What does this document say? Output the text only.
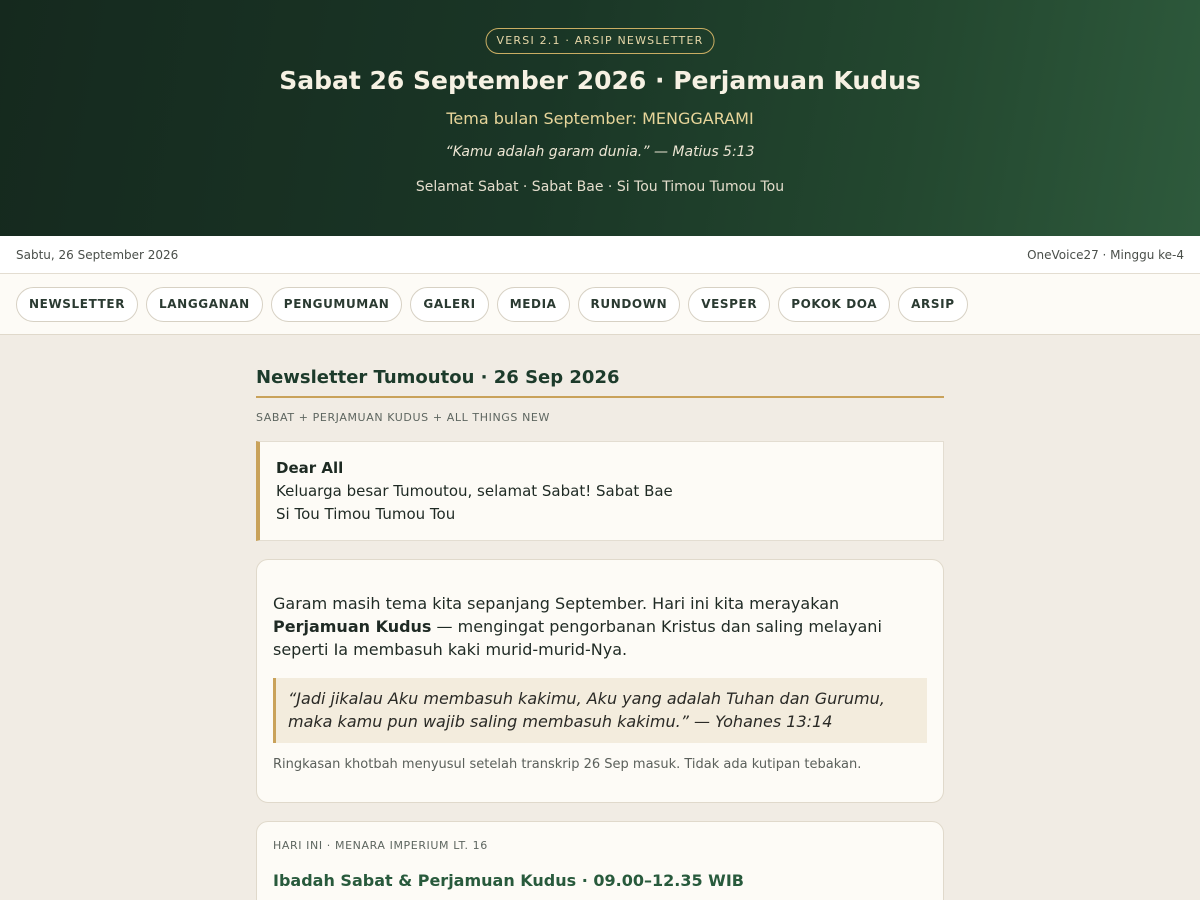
VERSI 2.1 · ARSIP NEWSLETTER
Sabat 26 September 2026 · Perjamuan Kudus
Tema bulan September: MENGGARAMI
“Kamu adalah garam dunia.” — Matius 5:13
Selamat Sabat · Sabat Bae · Si Tou Timou Tumou Tou
Sabtu, 26 September 2026	OneVoice27 · Minggu ke-4
NEWSLETTER	LANGGANAN	PENGUMUMAN	GALERI	MEDIA	RUNDOWN	VESPER	POKOK DOA	ARSIP
Newsletter Tumoutou · 26 Sep 2026
SABAT + PERJAMUAN KUDUS + ALL THINGS NEW
Dear All
Keluarga besar Tumoutou, selamat Sabat! Sabat Bae
Si Tou Timou Tumou Tou

Garam masih tema kita sepanjang September. Hari ini kita merayakan Perjamuan Kudus — mengingat pengorbanan Kristus dan saling melayani seperti Ia membasuh kaki murid-murid-Nya.

“Jadi jikalau Aku membasuh kakimu, Aku yang adalah Tuhan dan Gurumu, maka kamu pun wajib saling membasuh kakimu.” — Yohanes 13:14
Ringkasan khotbah menyusul setelah transkrip 26 Sep masuk. Tidak ada kutipan tebakan.
HARI INI · MENARA IMPERIUM LT. 16
Ibadah Sabat & Perjamuan Kudus · 09.00–12.35 WIB
